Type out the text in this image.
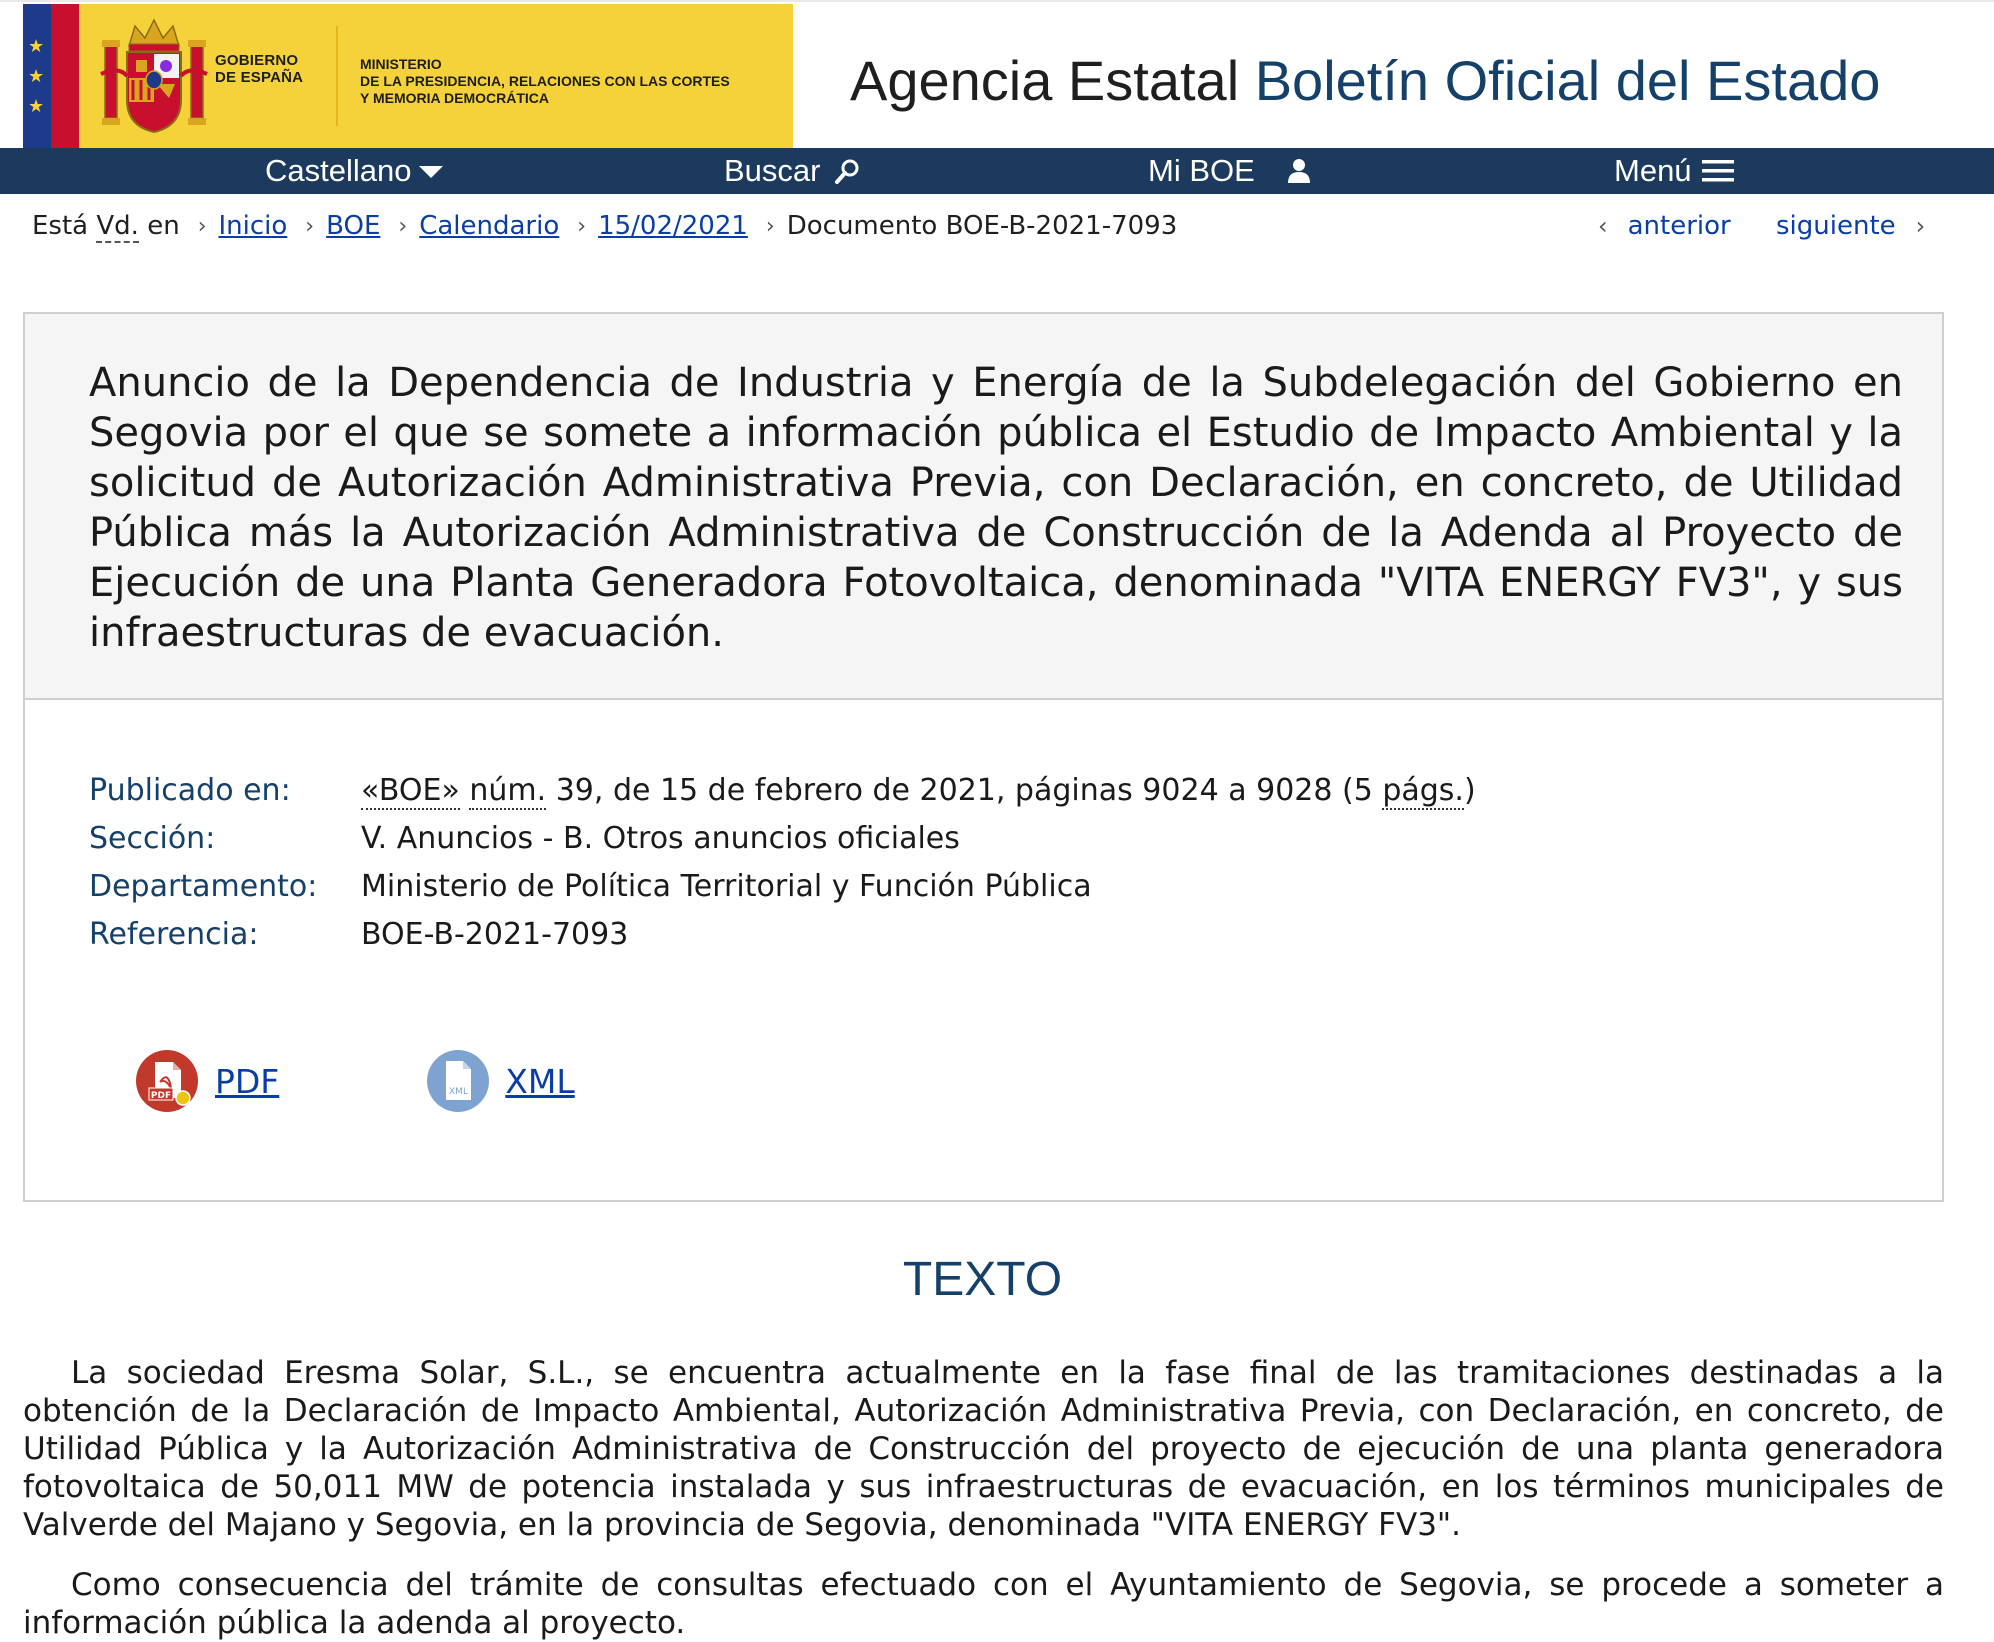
★
★
★
GOBIERNO
DE ESPAÑA
MINISTERIO
DE LA PRESIDENCIA, RELACIONES CON LAS CORTES
Y MEMORIA DEMOCRÁTICA	Agencia Estatal Boletín Oficial del Estado
Castellano	Buscar	Mi BOE	Menú
Está Vd. en › Inicio › BOE › Calendario › 15/02/2021 › Documento BOE-B-2021-7093	‹ anterior siguiente ›
Anuncio de la Dependencia de Industria y Energía de la Subdelegación del Gobierno en Segovia por el que se somete a información pública el Estudio de Impacto Ambiental y la solicitud de Autorización Administrativa Previa, con Declaración, en concreto, de Utilidad Pública más la Autorización Administrativa de Construcción de la Adenda al Proyecto de Ejecución de una Planta Generadora Fotovoltaica, denominada "VITA ENERGY FV3", y sus infraestructuras de evacuación.
Publicado en:	«BOE» núm. 39, de 15 de febrero de 2021, páginas 9024 a 9028 (5 págs.)
Sección:	V. Anuncios - B. Otros anuncios oficiales
Departamento:	Ministerio de Política Territorial y Función Pública
Referencia:	BOE-B-2021-7093
PDF PDF	XML XML
TEXTO

La sociedad Eresma Solar, S.L., se encuentra actualmente en la fase final de las tramitaciones destinadas a la obtención de la Declaración de Impacto Ambiental, Autorización Administrativa Previa, con Declaración, en concreto, de Utilidad Pública y la Autorización Administrativa de Construcción del proyecto de ejecución de una planta generadora fotovoltaica de 50,011 MW de potencia instalada y sus infraestructuras de evacuación, en los términos municipales de Valverde del Majano y Segovia, en la provincia de Segovia, denominada "VITA ENERGY FV3".

Como consecuencia del trámite de consultas efectuado con el Ayuntamiento de Segovia, se procede a someter a información pública la adenda al proyecto.
